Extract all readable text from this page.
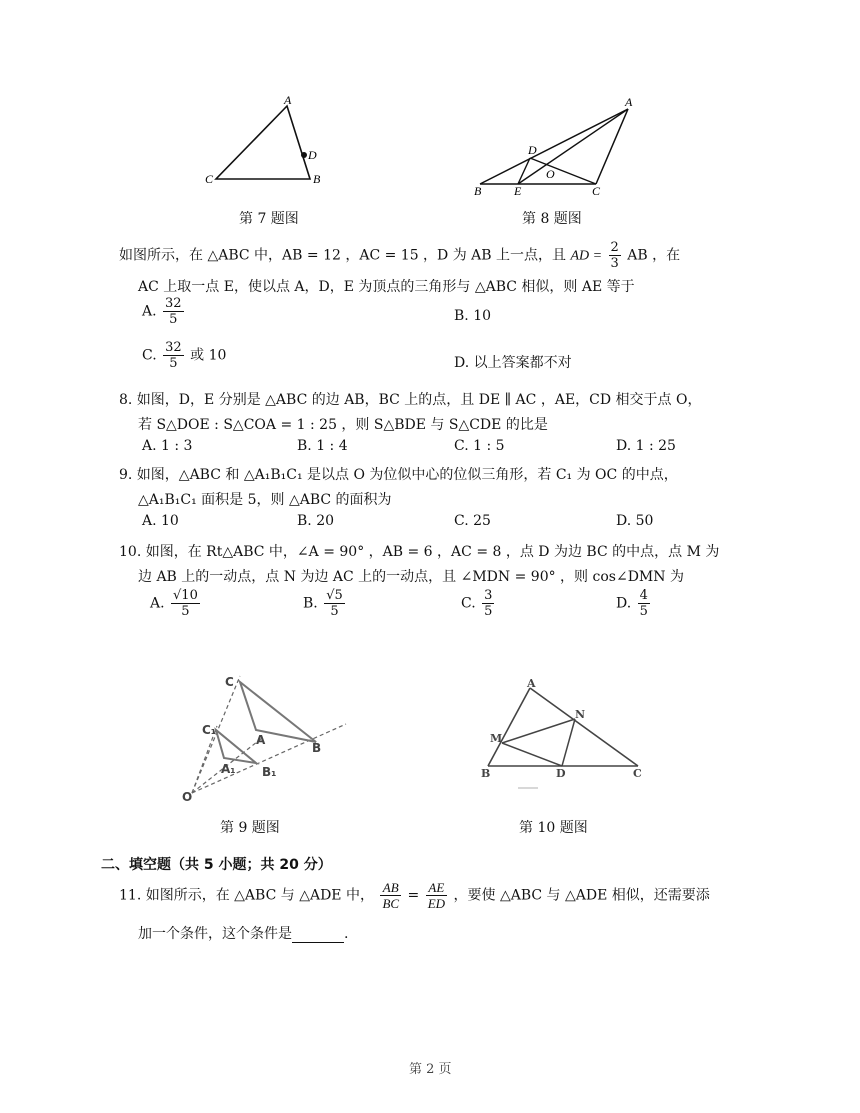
A
D
C	B
第 7 题图
A
D
O
B	E	C
第 8 题图
如图所示，在 △ABC 中，AB = 12 ，AC = 15 ，D 为 AB 上一点，且 AD = $\frac{2}{3}$ AB ，在
AC 上取一点 E，使以点 A，D，E 为顶点的三角形与 △ABC 相似，则 AE 等于
A. $\frac{32}{5}$	B. 10
C. $\frac{32}{5}$ 或 10	D. 以上答案都不对
8. 如图，D，E 分别是 △ABC 的边 AB，BC 上的点，且 DE ∥ AC ，AE，CD 相交于点 O，
若 S△DOE : S△COA = 1 : 25 ，则 S△BDE 与 S△CDE 的比是
A. 1 : 3	B. 1 : 4	C. 1 : 5	D. 1 : 25
9. 如图，△ABC 和 △A₁B₁C₁ 是以点 O 为位似中心的位似三角形，若 C₁ 为 OC 的中点，
△A₁B₁C₁ 面积是 5，则 △ABC 的面积为
A. 10	B. 20	C. 25	D. 50
10. 如图，在 Rt△ABC 中，∠A = 90° ，AB = 6 ，AC = 8 ，点 D 为边 BC 的中点，点 M 为
边 AB 上的一动点，点 N 为边 AC 上的一动点，且 ∠MDN = 90° ，则 cos∠DMN 为
A. $\frac{√10}{5}$	B. $\frac{√5}{5}$	C. $\frac{3}{5}$	D. $\frac{4}{5}$
C
C₁
A
A₁ B₁
B
O
第 9 题图
A
N
M
B	D	C
第 10 题图
二、填空题（共 5 小题；共 20 分）
11. 如图所示，在 △ABC 与 △ADE 中， $\frac{AB}{BC} = \frac{AE}{ED}$ ，要使 △ABC 与 △ADE 相似，还需要添
加一个条件，这个条件是	.
第 2 页
